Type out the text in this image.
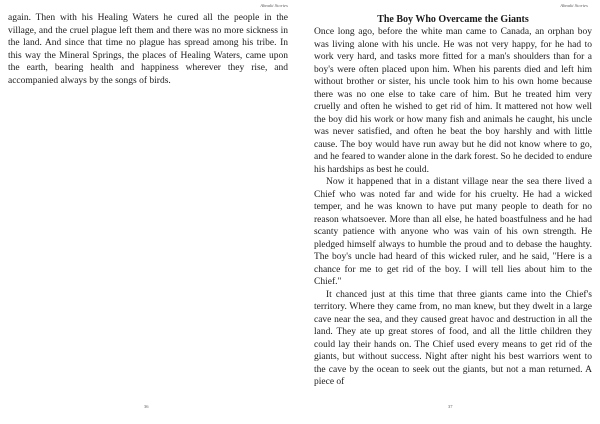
Abnaki Stories

again. Then with his Healing Waters he cured all the people in the village, and the cruel plague left them and there was no more sickness in the land. And since that time no plague has spread among his tribe. In this way the Mineral Springs, the places of Healing Waters, came upon the earth, bearing health and happiness wherever they rise, and accompanied always by the songs of birds.

36
Abnaki Stories
The Boy Who Overcame the Giants

Once long ago, before the white man came to Canada, an orphan boy was living alone with his uncle. He was not very happy, for he had to work very hard, and tasks more fitted for a man's shoulders than for a boy's were often placed upon him. When his parents died and left him without brother or sister, his uncle took him to his own home because there was no one else to take care of him. But he treated him very cruelly and often he wished to get rid of him. It mattered not how well the boy did his work or how many fish and animals he caught, his uncle was never satisfied, and often he beat the boy harshly and with little cause. The boy would have run away but he did not know where to go, and he feared to wander alone in the dark forest. So he decided to endure his hardships as best he could.

Now it happened that in a distant village near the sea there lived a Chief who was noted far and wide for his cruelty. He had a wicked temper, and he was known to have put many people to death for no reason whatsoever. More than all else, he hated boastfulness and he had scanty patience with anyone who was vain of his own strength. He pledged himself always to humble the proud and to debase the haughty. The boy's uncle had heard of this wicked ruler, and he said, "Here is a chance for me to get rid of the boy. I will tell lies about him to the Chief."

It chanced just at this time that three giants came into the Chief's territory. Where they came from, no man knew, but they dwelt in a large cave near the sea, and they caused great havoc and destruction in all the land. They ate up great stores of food, and all the little children they could lay their hands on. The Chief used every means to get rid of the giants, but without success. Night after night his best warriors went to the cave by the ocean to seek out the giants, but not a man returned. A piece of

37
